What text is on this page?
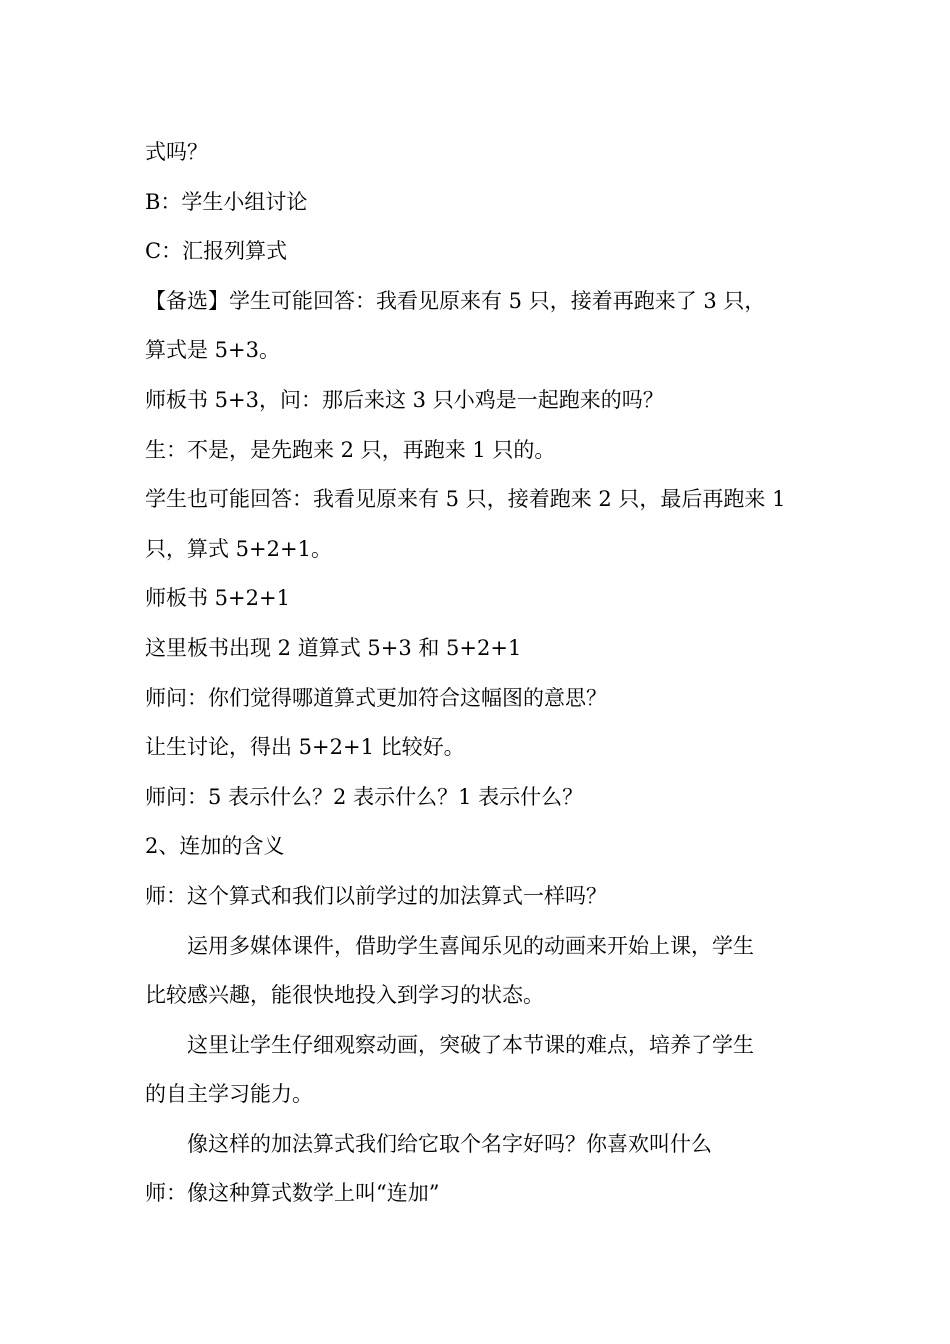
式吗？

B：学生小组讨论

C：汇报列算式

【备选】学生可能回答：我看见原来有 5 只，接着再跑来了 3 只，

算式是 5+3。

师板书 5+3，问：那后来这 3 只小鸡是一起跑来的吗？

生：不是，是先跑来 2 只，再跑来 1 只的。

学生也可能回答：我看见原来有 5 只，接着跑来 2 只，最后再跑来 1

只，算式 5+2+1。

师板书 5+2+1

这里板书出现 2 道算式 5+3 和 5+2+1

师问：你们觉得哪道算式更加符合这幅图的意思？

让生讨论，得出 5+2+1 比较好。

师问：5 表示什么？2 表示什么？1 表示什么？

2、连加的含义

师：这个算式和我们以前学过的加法算式一样吗？

运用多媒体课件，借助学生喜闻乐见的动画来开始上课，学生

比较感兴趣，能很快地投入到学习的状态。

这里让学生仔细观察动画，突破了本节课的难点，培养了学生

的自主学习能力。

像这样的加法算式我们给它取个名字好吗？你喜欢叫什么

师：像这种算式数学上叫“连加”
